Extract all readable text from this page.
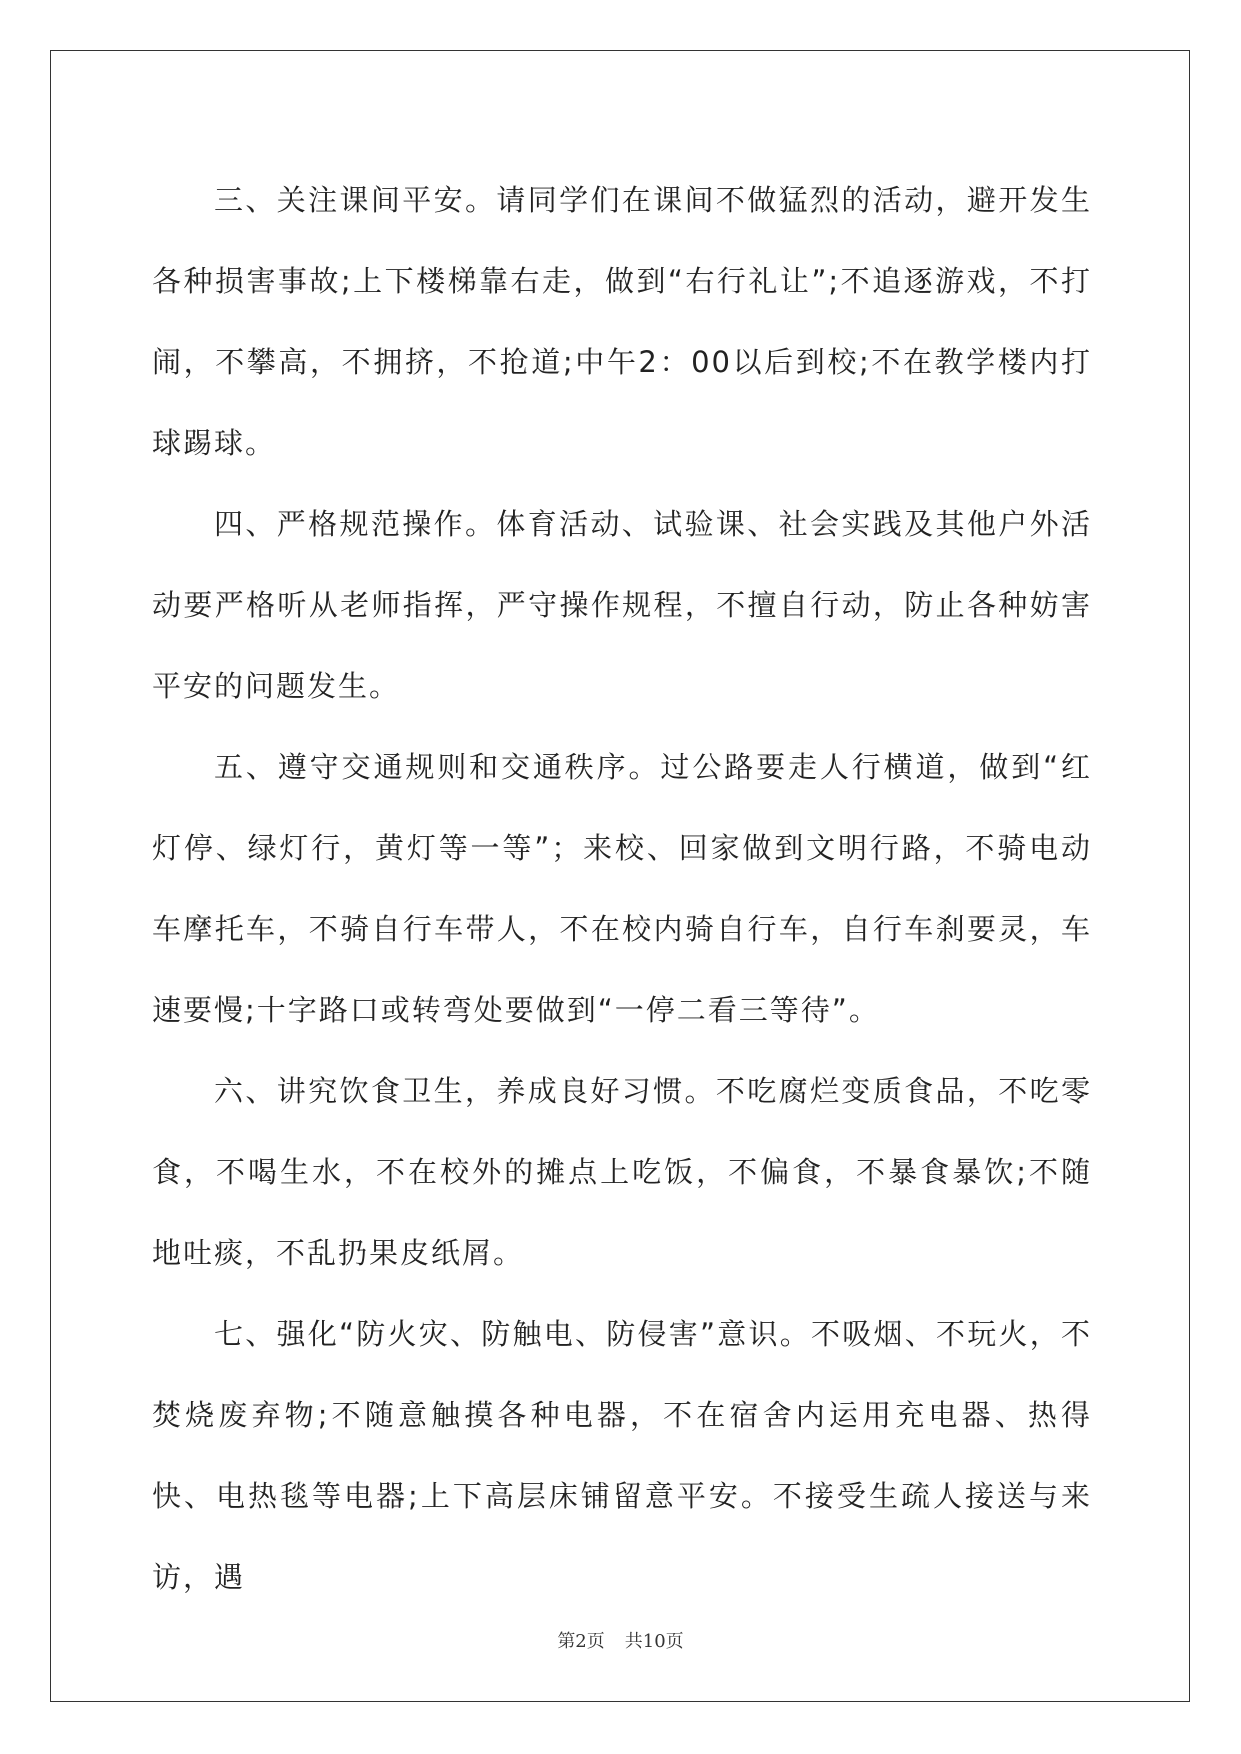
三、关注课间平安。请同学们在课间不做猛烈的活动，避开发生各种损害事故;上下楼梯靠右走，做到“右行礼让”;不追逐游戏，不打闹，不攀高，不拥挤，不抢道;中午2：00以后到校;不在教学楼内打球踢球。

四、严格规范操作。体育活动、试验课、社会实践及其他户外活动要严格听从老师指挥，严守操作规程，不擅自行动，防止各种妨害平安的问题发生。

五、遵守交通规则和交通秩序。过公路要走人行横道，做到“红灯停、绿灯行，黄灯等一等”；来校、回家做到文明行路，不骑电动车摩托车，不骑自行车带人，不在校内骑自行车，自行车刹要灵，车速要慢;十字路口或转弯处要做到“一停二看三等待”。

六、讲究饮食卫生，养成良好习惯。不吃腐烂变质食品，不吃零食，不喝生水，不在校外的摊点上吃饭，不偏食，不暴食暴饮;不随地吐痰，不乱扔果皮纸屑。

七、强化“防火灾、防触电、防侵害”意识。不吸烟、不玩火，不焚烧废弃物;不随意触摸各种电器，不在宿舍内运用充电器、热得快、电热毯等电器;上下高层床铺留意平安。不接受生疏人接送与来访，遇

第2页 共10页
